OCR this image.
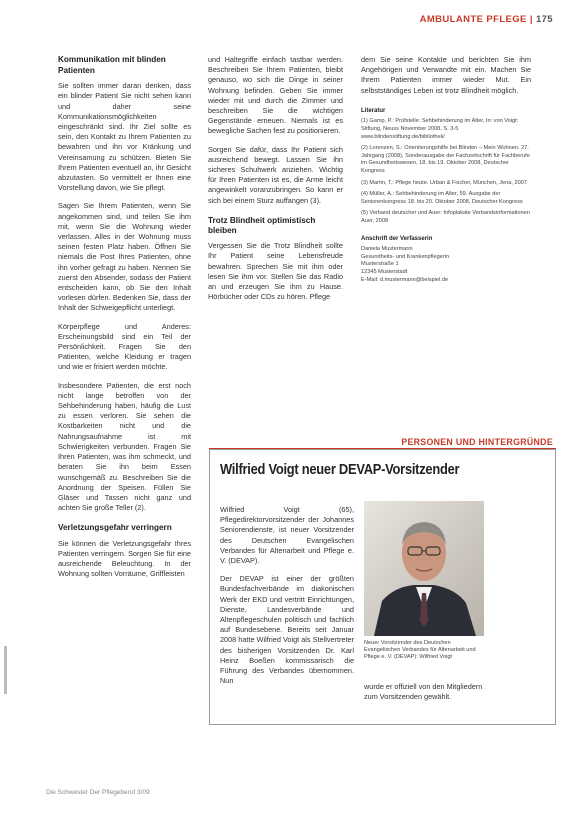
AMBULANTE PFLEGE | 175
Kommunikation mit blinden Patienten

Sie sollten immer daran denken, dass ein blinder Patient Sie nicht sehen kann und daher seine Kommunikationsmöglichkeiten eingeschränkt sind. Ihr Ziel sollte es sein, den Kontakt zu Ihrem Patienten zu bewahren und ihn vor Kränkung und Vereinsamung zu schützen. Bieten Sie Ihrem Patienten eventuell an, ihr Gesicht abzutasten. So vermittelt er Ihnen eine Vorstellung davon, wie Sie pflegt.

Sagen Sie Ihrem Patienten, wenn Sie angekommen sind, und teilen Sie ihm mit, wenn Sie die Wohnung wieder verlassen. Alles in der Wohnung muss seinen festen Platz haben. Öffnen Sie niemals die Post Ihres Patienten, ohne ihn vorher gefragt zu haben. Nennen Sie zuerst den Absender, sodass der Patient entscheiden kann, ob Sie den Inhalt vorlesen dürfen. Bedenken Sie, dass der Inhalt der Schweigepflicht unterliegt.

Körperpflege und Anderes: Erscheinungsbild sind ein Teil der Persönlichkeit. Fragen Sie den Patienten, welche Kleidung er tragen und wie er frisiert werden möchte.

Insbesondere Patienten, die erst noch nicht lange betroffen von der Sehbehinderung haben, häufig die Lust zu essen verloren. Sie sehen die Kostbarkeiten nicht und die Nahrungsaufnahme ist mit Schwierigkeiten verbunden. Fragen Sie Ihren Patienten, was ihm schmeckt, und beraten Sie ihn beim Essen wunschgemäß zu. Beschreiben Sie die Anordnung der Speisen. Füllen Sie Gläser und Tassen nicht ganz und achten Sie große Teller (2).

Verletzungsgefahr verringern

Sie können die Verletzungsgefahr Ihres Patienten verringern. Sorgen Sie für eine ausreichende Beleuchtung. In der Wohnung sollten Vorräume, Griffleisten

und Haltegriffe einfach tastbar werden. Beschreiben Sie Ihrem Patienten, bleibt genauso, wo sich die Dinge in seiner Wohnung befinden. Geben Sie immer wieder mit und durch die Zimmer und beschreiben Sie die wichtigen Gegenstände erneuen. Niemals ist es bewegliche Sachen fest zu positionieren.

Sorgen Sie dafür, dass Ihr Patient sich ausreichend bewegt. Lassen Sie ihn sicheres Schuhwerk anziehen. Wichtig für Ihren Patienten ist es, die Arme leicht angewinkelt voranzubringen. So kann er sich bei einem Sturz auffangen (3).

Trotz Blindheit optimistisch bleiben

Vergessen Sie die Trotz Blindheit sollte Ihr Patient seine Lebensfreude bewahren. Sprechen Sie mit ihm oder lesen Sie ihm vor. Stellen Sie das Radio an und erzeugen Sie ihm zu Hause. Hörbücher oder CDs zu hören. Pflege

dem Sie seine Kontakte und berichten Sie ihm Angehörigen und Verwandte mit ein. Machen Sie Ihrem Patienten immer wieder Mut. Ein selbstständiges Leben ist trotz Blindheit möglich.

Literatur
(1) Gamp, P.: Prüfstelle: Sehbehinderung im Alter, In: von Voigt: Stiftung, Neuss November 2008, S. 3-5 www.blindenstiftung.de/bibliothek/
(2) Lorenzen, S.: Orientierungshilfe bei Blinden – Mein Wohnen. 27. Jahrgang (2008), Sonderausgabe der Fachzeitschrift für Fachberufe im Gesundheitswesen, 18. bis 19. Oktober 2008, Deutscher Kongress
(3) Martin, T.: Pflege heute. Urban & Fischer, München, Jena, 2007
(4) Müller, A.: Sehbehinderung im Alter, 59. Ausgabe der Seniorenkongress 18. bis 20. Oktober 2008, Deutscher Kongress
(5) Verband deutscher und Auer: Infoplakate Verbandsinformationen Auer, 2008
Anschrift der Verfasserin
Daniela Mustermann
Gesundheits- und Krankenpflegerin
Musterstraße 1
12345 Musterstadt
E-Mail: d.mustermann@beispiel.de
PERSONEN UND HINTERGRÜNDE
Wilfried Voigt neuer DEVAP-Vorsitzender

Wilfried Voigt (65), Pflegedirektorvorsitzender der Johannes Seniorendienste, ist neuer Vorsitzender des Deutschen Evangelischen Verbandes für Altenarbeit und Pflege e. V. (DEVAP).

Der DEVAP ist einer der größten Bundesfachverbände im diakonischen Werk der EKD und vertritt Einrichtungen, Dienste, Landesverbände und Altenpflegeschulen politisch und fachlich auf Bundesebene. Bereits seit Januar 2008 hatte Wilfried Voigt als Stellvertreter des bisherigen Vorsitzenden Dr. Karl Heinz Boeßen kommissarisch die Führung des Verbandes übernommen. Nun

Neuer Vorsitzender des Deutschen Evangelischen Verbandes für Altenarbeit und Pflege e. V. (DEVAP): Wilfried Voigt
wurde er offiziell von den Mitgliedern zum Vorsitzenden gewählt.
Die Schwester Der Pflegeberuf 3/09
